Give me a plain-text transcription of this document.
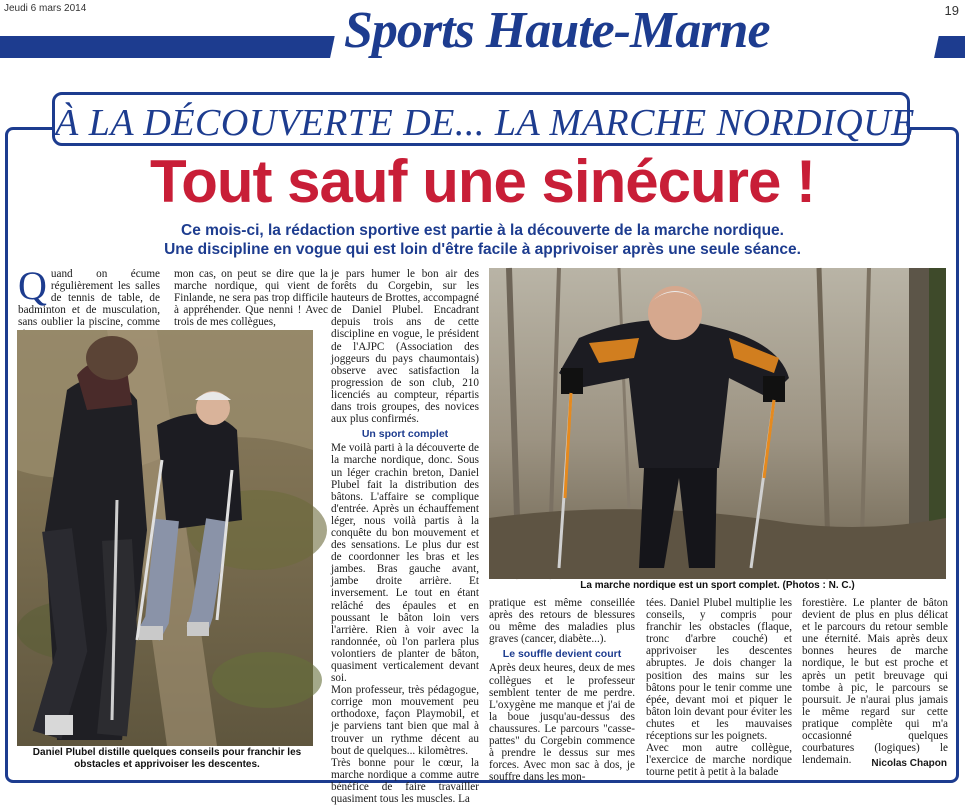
Jeudi 6 mars 2014	19
Sports Haute-Marne
À LA DÉCOUVERTE DE... LA MARCHE NORDIQUE
Tout sauf une sinécure !
Ce mois-ci, la rédaction sportive est partie à la découverte de la marche nordique.
Une discipline en vogue qui est loin d'être facile à apprivoiser après une seule séance.
Q uand on écume régulièrement les salles de tennis de table, de badminton et de musculation, sans oublier la piscine, comme

mon cas, on peut se dire que la marche nordique, qui vient de Finlande, ne sera pas trop difficile à appréhender. Que nenni ! Avec trois de mes collègues,

Daniel Plubel distille quelques conseils pour franchir les obstacles et apprivoiser les descentes.

je pars humer le bon air des forêts du Corgebin, sur les hauteurs de Brottes, accompagné de Daniel Plubel. Encadrant depuis trois ans de cette discipline en vogue, le président de l'AJPC (Association des joggeurs du pays chaumontais) observe avec satisfaction la progression de son club, 210 licenciés au compteur, répartis dans trois groupes, des novices aux plus confirmés.

Un sport complet

Me voilà parti à la découverte de la marche nordique, donc. Sous un léger crachin breton, Daniel Plubel fait la distribution des bâtons. L'affaire se complique d'entrée. Après un échauffement léger, nous voilà partis à la conquête du bon mouvement et des sensations. Le plus dur est de coordonner les bras et les jambes. Bras gauche avant, jambe droite arrière. Et inversement. Le tout en étant relâché des épaules et en poussant le bâton loin vers l'arrière. Rien à voir avec la randonnée, où l'on parlera plus volontiers de planter de bâton, quasiment verticalement devant soi.

Mon professeur, très pédagogue, corrige mon mouvement peu orthodoxe, façon Playmobil, et je parviens tant bien que mal à trouver un rythme décent au bout de quelques... kilomètres.

Très bonne pour le cœur, la marche nordique a comme autre bénéfice de faire travailler quasiment tous les muscles. La

La marche nordique est un sport complet. (Photos : N. C.)

pratique est même conseillée après des retours de blessures ou même des maladies plus graves (cancer, diabète...).

Le souffle devient court

Après deux heures, deux de mes collègues et le professeur semblent tenter de me perdre. L'oxygène me manque et j'ai de la boue jusqu'au-dessus des chaussures. Le parcours "casse-pattes" du Corgebin commence à prendre le dessus sur mes forces. Avec mon sac à dos, je souffre dans les mon-

tées. Daniel Plubel multiplie les conseils, y compris pour franchir les obstacles (flaque, tronc d'arbre couché) et apprivoiser les descentes abruptes. Je dois changer la position des mains sur les bâtons pour le tenir comme une épée, devant moi et piquer le bâton loin devant pour éviter les chutes et les mauvaises réceptions sur les poignets.

Avec mon autre collègue, l'exercice de marche nordique tourne petit à petit à la balade

forestière. Le planter de bâton devient de plus en plus délicat et le parcours du retour semble une éternité. Mais après deux bonnes heures de marche nordique, le but est proche et après un petit breuvage qui tombe à pic, le parcours se poursuit. Je n'aurai plus jamais le même regard sur cette pratique complète qui m'a occasionné quelques courbatures (logiques) le lendemain.	Nicolas Chapon
